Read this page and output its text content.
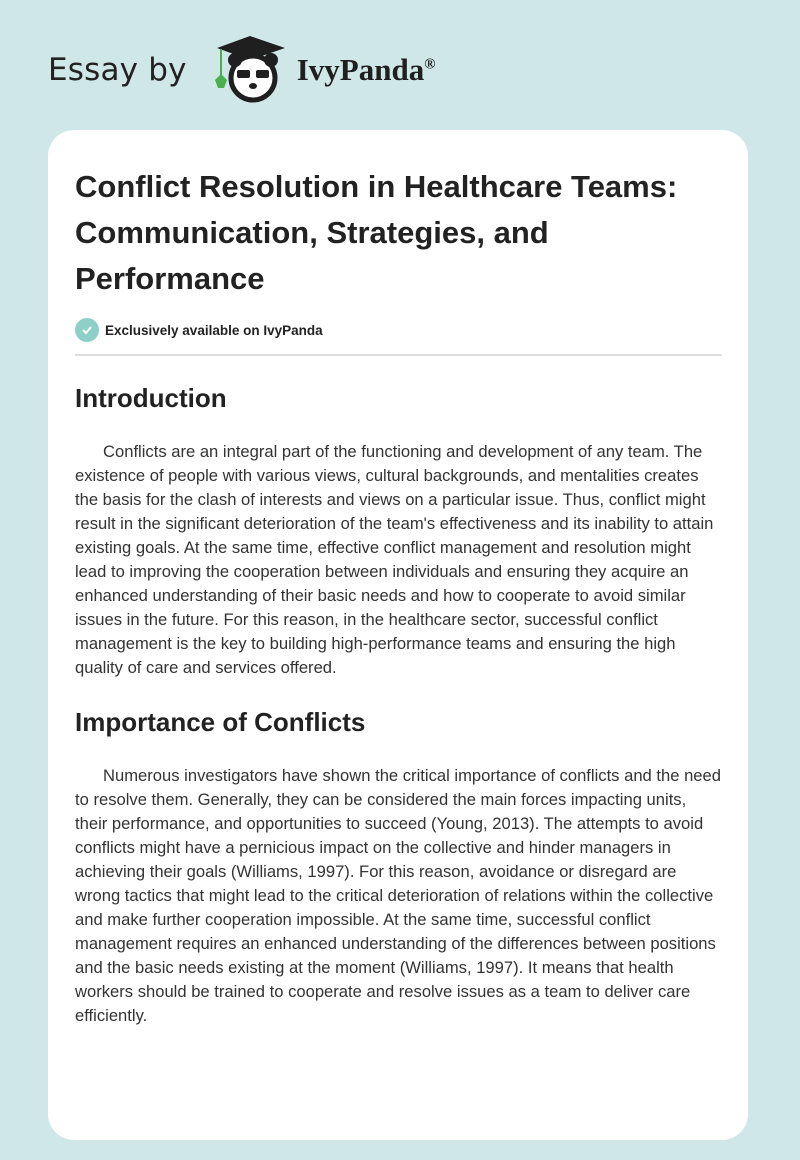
Essay by	IvyPanda®
Conflict Resolution in Healthcare Teams: Communication, Strategies, and Performance
Exclusively available on IvyPanda
Introduction

Conflicts are an integral part of the functioning and development of any team. The existence of people with various views, cultural backgrounds, and mentalities creates the basis for the clash of interests and views on a particular issue. Thus, conflict might result in the significant deterioration of the team's effectiveness and its inability to attain existing goals. At the same time, effective conflict management and resolution might lead to improving the cooperation between individuals and ensuring they acquire an enhanced understanding of their basic needs and how to cooperate to avoid similar issues in the future. For this reason, in the healthcare sector, successful conflict management is the key to building high-performance teams and ensuring the high quality of care and services offered.

Importance of Conflicts

Numerous investigators have shown the critical importance of conflicts and the need to resolve them. Generally, they can be considered the main forces impacting units, their performance, and opportunities to succeed (Young, 2013). The attempts to avoid conflicts might have a pernicious impact on the collective and hinder managers in achieving their goals (Williams, 1997). For this reason, avoidance or disregard are wrong tactics that might lead to the critical deterioration of relations within the collective and make further cooperation impossible. At the same time, successful conflict management requires an enhanced understanding of the differences between positions and the basic needs existing at the moment (Williams, 1997). It means that health workers should be trained to cooperate and resolve issues as a team to deliver care efficiently.
